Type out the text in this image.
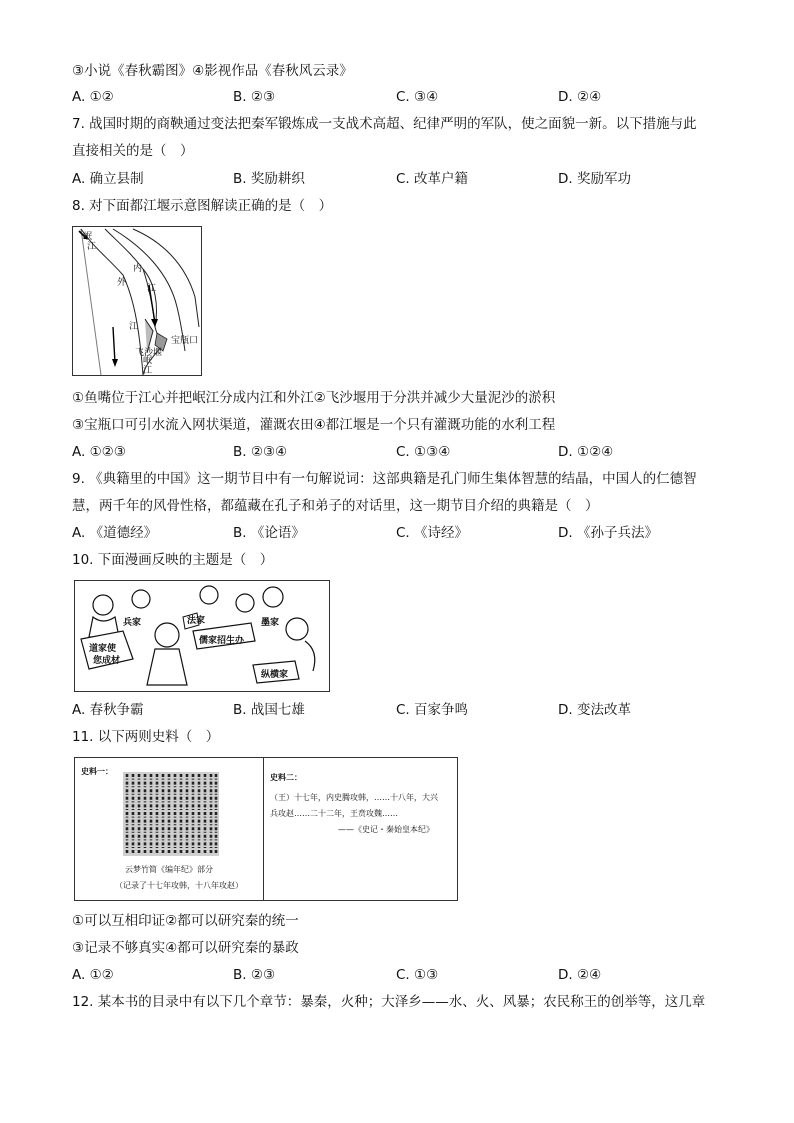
③小说《春秋霸图》④影视作品《春秋风云录》
A. ①②	B. ②③	C. ③④	D. ②④
7. 战国时期的商鞅通过变法把秦军锻炼成一支战术高超、纪律严明的军队，使之面貌一新。以下措施与此
直接相关的是（　）
A. 确立县制	B. 奖励耕织	C. 改革户籍	D. 奖励军功
8. 对下面都江堰示意图解读正确的是（　）
岷
江
内
江
外
江
岷
江
宝瓶口
飞沙堰
①鱼嘴位于江心并把岷江分成内江和外江②飞沙堰用于分洪并减少大量泥沙的淤积
③宝瓶口可引水流入网状渠道，灌溉农田④都江堰是一个只有灌溉功能的水利工程
A. ①②③	B. ②③④	C. ①③④	D. ①②④
9. 《典籍里的中国》这一期节目中有一句解说词：这部典籍是孔门师生集体智慧的结晶，中国人的仁德智
慧，两千年的风骨性格，都蕴藏在孔子和弟子的对话里，这一期节目介绍的典籍是（　）
A. 《道德经》	B. 《论语》	C. 《诗经》	D. 《孙子兵法》
10. 下面漫画反映的主题是（　）
兵家	法家	墨家
道家使
您成材
儒家招生办
纵横家
A. 春秋争霸	B. 战国七雄	C. 百家争鸣	D. 变法改革
11. 以下两则史料（　）
史料一：
云梦竹简《编年纪》部分
（记录了十七年攻韩，十八年攻赵）
史料二：
（王）十七年，内史腾攻韩，……十八年，大兴
兵攻赵……二十二年，王贲攻魏……
——《史记・秦始皇本纪》
①可以互相印证②都可以研究秦的统一
③记录不够真实④都可以研究秦的暴政
A. ①②	B. ②③	C. ①③	D. ②④
12. 某本书的目录中有以下几个章节：暴秦，火种；大泽乡——水、火、风暴；农民称王的创举等，这几章
